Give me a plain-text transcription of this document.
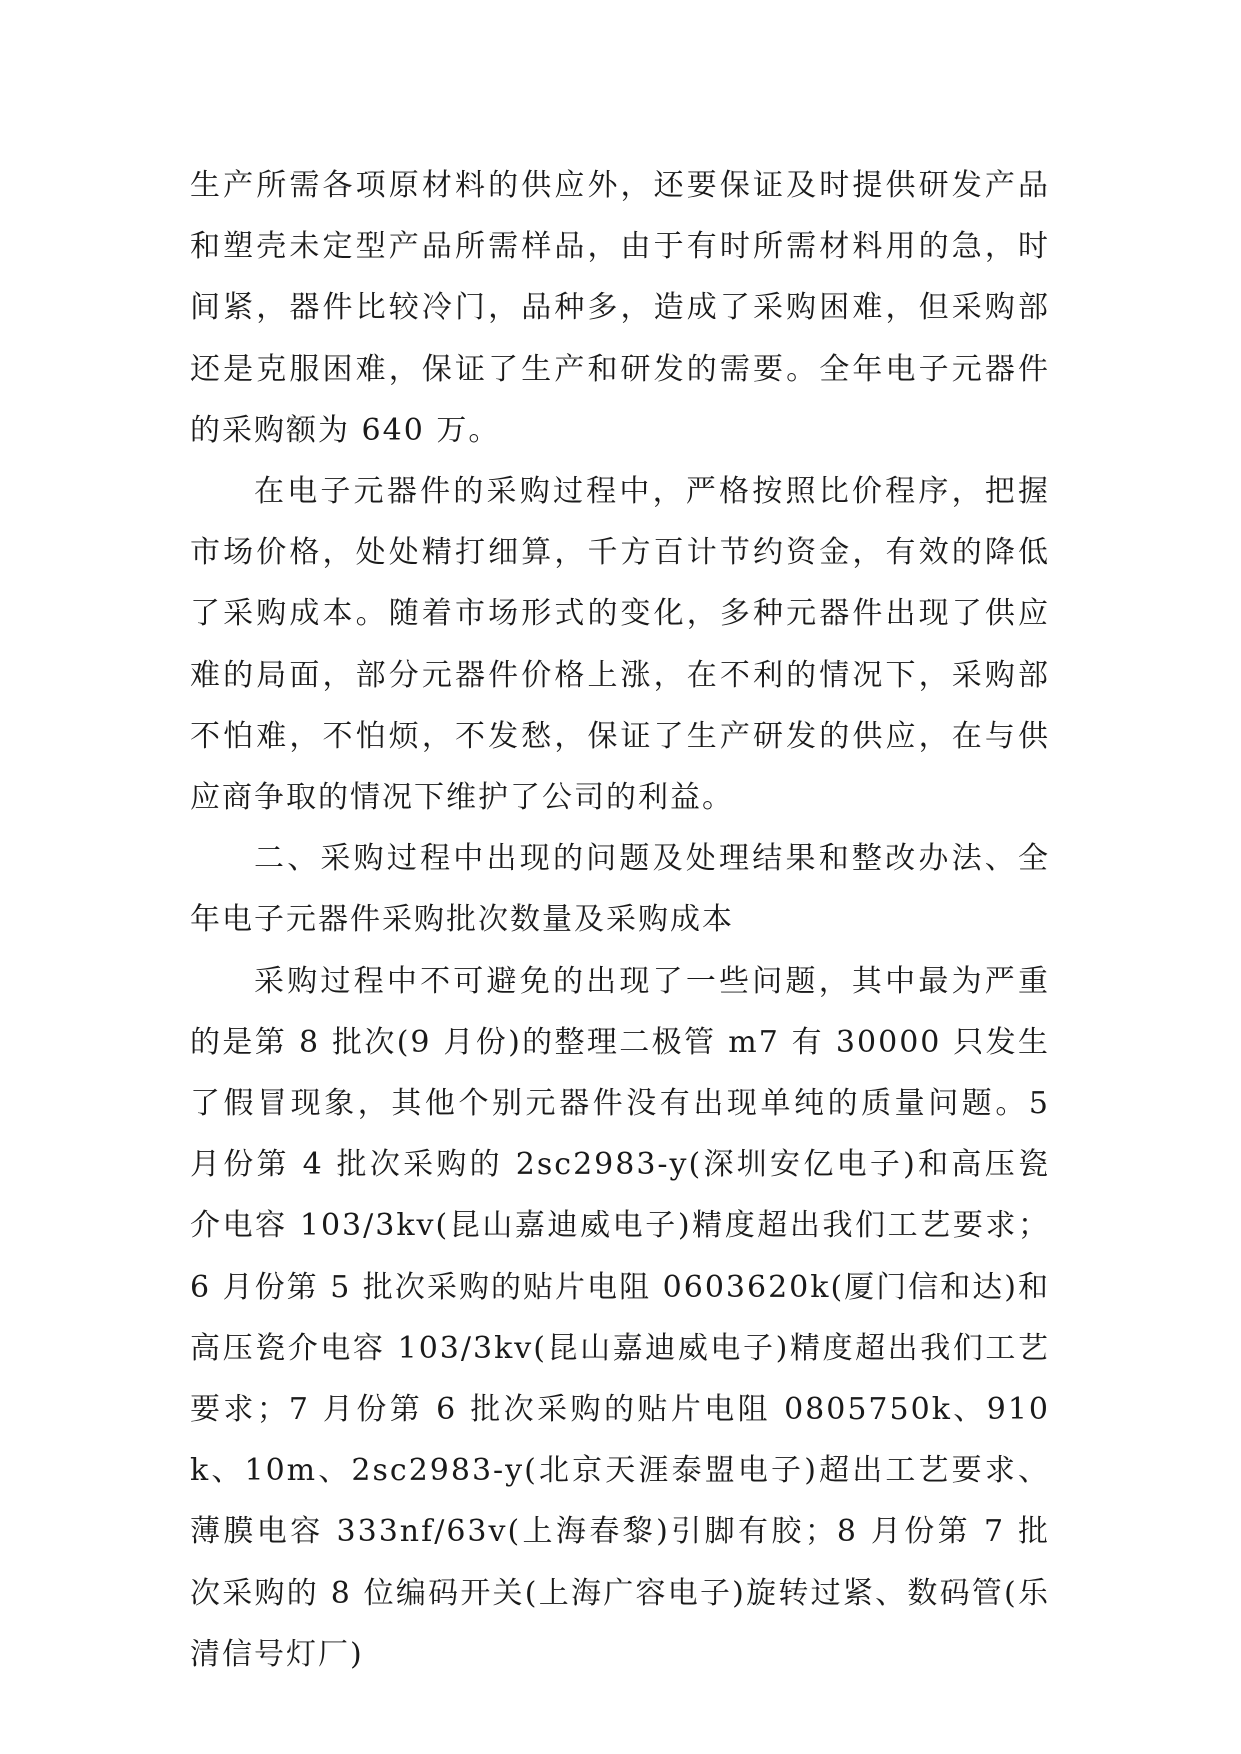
生产所需各项原材料的供应外，还要保证及时提供研发产品和塑壳未定型产品所需样品，由于有时所需材料用的急，时间紧，器件比较冷门，品种多，造成了采购困难，但采购部还是克服困难，保证了生产和研发的需要。全年电子元器件的采购额为 640 万。

在电子元器件的采购过程中，严格按照比价程序，把握市场价格，处处精打细算，千方百计节约资金，有效的降低了采购成本。随着市场形式的变化，多种元器件出现了供应难的局面，部分元器件价格上涨，在不利的情况下，采购部不怕难，不怕烦，不发愁，保证了生产研发的供应，在与供应商争取的情况下维护了公司的利益。

二、采购过程中出现的问题及处理结果和整改办法、全年电子元器件采购批次数量及采购成本

采购过程中不可避免的出现了一些问题，其中最为严重的是第 8 批次(9 月份)的整理二极管 m7 有 30000 只发生了假冒现象，其他个别元器件没有出现单纯的质量问题。5 月份第 4 批次采购的 2sc2983-y(深圳安亿电子)和高压瓷介电容 103/3kv(昆山嘉迪威电子)精度超出我们工艺要求；6 月份第 5 批次采购的贴片电阻 0603620k(厦门信和达)和高压瓷介电容 103/3kv(昆山嘉迪威电子)精度超出我们工艺要求；7 月份第 6 批次采购的贴片电阻 0805750k、910k、10m、2sc2983-y(北京天涯泰盟电子)超出工艺要求、薄膜电容 333nf/63v(上海春黎)引脚有胶；8 月份第 7 批次采购的 8 位编码开关(上海广容电子)旋转过紧、数码管(乐清信号灯厂)
